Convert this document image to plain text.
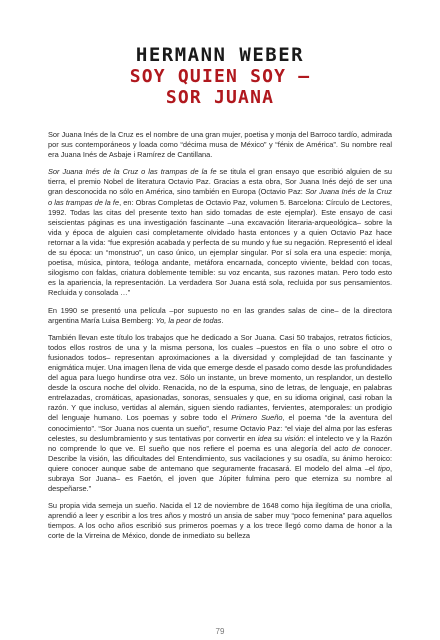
HERMANN WEBER
SOY QUIEN SOY –
SOR JUANA

Sor Juana Inés de la Cruz es el nombre de una gran mujer, poetisa y monja del Barroco tardío, admirada por sus contemporáneos y loada como “décima musa de México” y “fénix de América”. Su nombre real era Juana Inés de Asbaje i Ramírez de Cantillana.

Sor Juana Inés de la Cruz o las trampas de la fe se titula el gran ensayo que escribió alguien de su tierra, el premio Nobel de literatura Octavio Paz. Gracias a esta obra, Sor Juana Inés dejó de ser una gran desconocida no sólo en América, sino también en Europa (Octavio Paz: Sor Juana Inés de la Cruz o las trampas de la fe, en: Obras Completas de Octavio Paz, volumen 5. Barcelona: Círculo de Lectores, 1992. Todas las citas del presente texto han sido tomadas de este ejemplar). Este ensayo de casi seiscientas páginas es una investigación fascinante –una excavación literaria-arqueológica– sobre la vida y época de alguien casi completamente olvidado hasta entonces y a quien Octavio Paz hace retornar a la vida: “fue expresión acabada y perfecta de su mundo y fue su negación. Representó el ideal de su época: un “monstruo”, un caso único, un ejemplar singular. Por sí sola era una especie: monja, poetisa, música, pintora, teóloga andante, metáfora encarnada, concepto viviente, beldad con tocas, silogismo con faldas, criatura doblemente temible: su voz encanta, sus razones matan. Pero todo esto es la apariencia, la representación. La verdadera Sor Juana está sola, recluida por sus pensamientos. Recluida y consolada …”

En 1990 se presentó una película –por supuesto no en las grandes salas de cine– de la directora argentina María Luisa Bemberg: Yo, la peor de todas.

También llevan este título los trabajos que he dedicado a Sor Juana. Casi 50 trabajos, retratos ficticios, todos ellos rostros de una y la misma persona, los cuales –puestos en fila o uno sobre el otro o fusionados todos– representan aproximaciones a la diversidad y complejidad de tan fascinante y enigmática mujer. Una imagen llena de vida que emerge desde el pasado como desde las profundidades del agua para luego hundirse otra vez. Sólo un instante, un breve momento, un resplandor, un destello desde la oscura noche del olvido. Renacida, no de la espuma, sino de letras, de lenguaje, en palabras entrelazadas, cromáticas, apasionadas, sonoras, sensuales y que, en su idioma original, casi roban la razón. Y que incluso, vertidas al alemán, siguen siendo radiantes, fervientes, atemporales: un prodigio del lenguaje humano. Los poemas y sobre todo el Primero Sueño, el poema “de la aventura del conocimiento”. “Sor Juana nos cuenta un sueño”, resume Octavio Paz: “el viaje del alma por las esferas celestes, su deslumbramiento y sus tentativas por convertir en idea su visión: el intelecto ve y la Razón no comprende lo que ve. El sueño que nos refiere el poema es una alegoría del acto de conocer. Describe la visión, las dificultades del Entendimiento, sus vacilaciones y su osadía, su ánimo heroico: quiere conocer aunque sabe de antemano que seguramente fracasará. El modelo del alma –el tipo, subraya Sor Juana– es Faetón, el joven que Júpiter fulmina pero que eterniza su nombre al despeñarse.”

Su propia vida semeja un sueño. Nacida el 12 de noviembre de 1648 como hija ilegítima de una criolla, aprendió a leer y escribir a los tres años y mostró un ansia de saber muy “poco femenina” para aquellos tiempos. A los ocho años escribió sus primeros poemas y a los trece llegó como dama de honor a la corte de la Virreina de México, donde de inmediato su belleza

79
